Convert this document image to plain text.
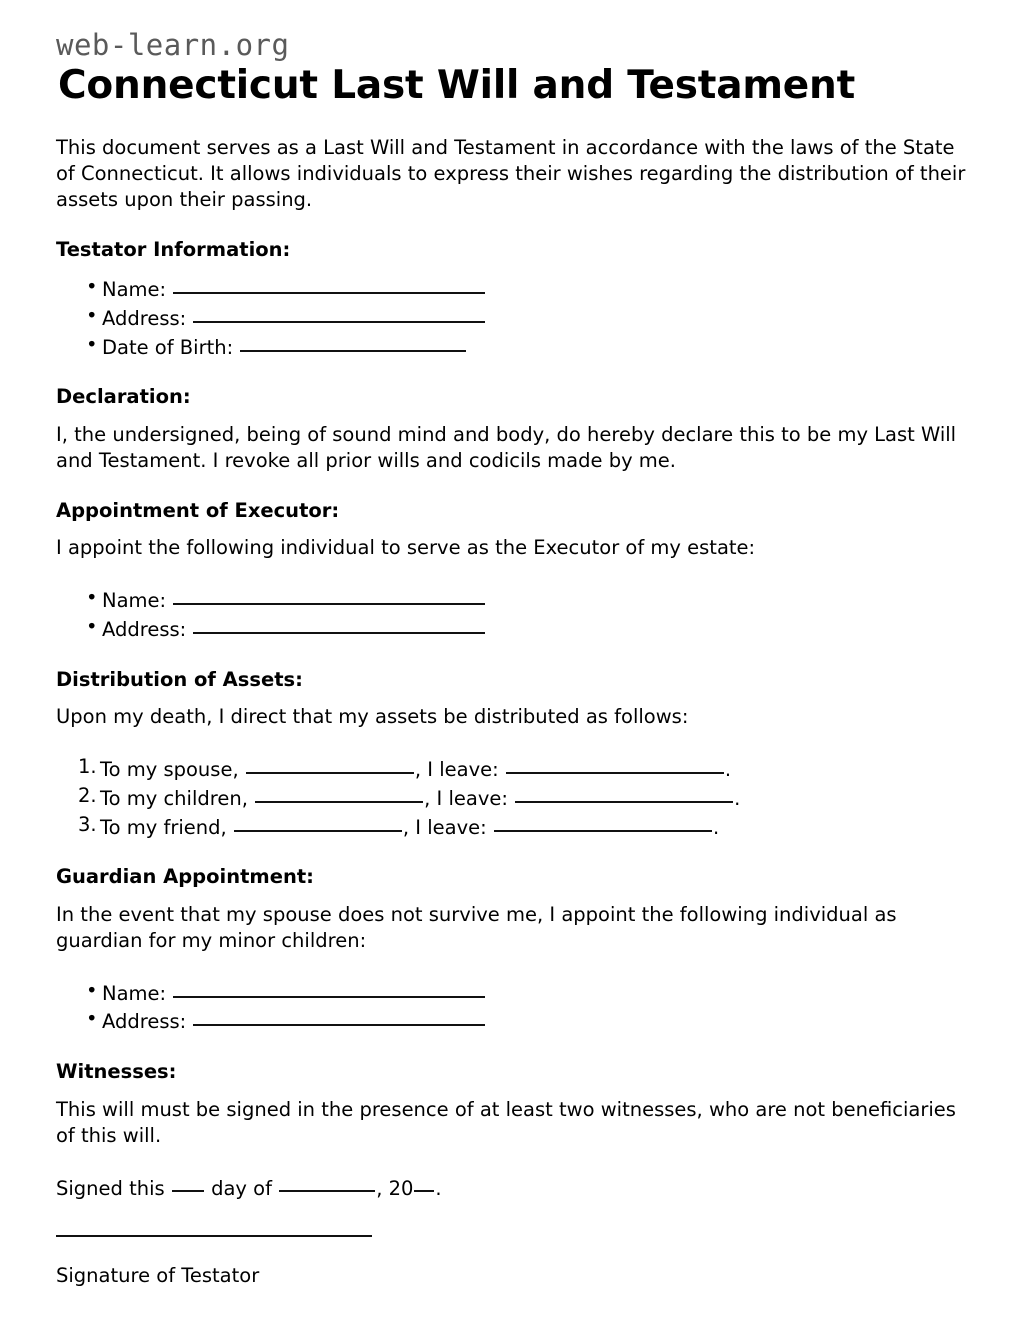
web-learn.org
Connecticut Last Will and Testament

This document serves as a Last Will and Testament in accordance with the laws of the State of Connecticut. It allows individuals to express their wishes regarding the distribution of their assets upon their passing.

Testator Information:
• Name:
• Address:
• Date of Birth:
Declaration:

I, the undersigned, being of sound mind and body, do hereby declare this to be my Last Will and Testament. I revoke all prior wills and codicils made by me.

Appointment of Executor:

I appoint the following individual to serve as the Executor of my estate:

• Name:
• Address:
Distribution of Assets:

Upon my death, I direct that my assets be distributed as follows:

To my spouse,	, I leave:	.
To my children,	, I leave:	.
To my friend,	, I leave:	.
Guardian Appointment:

In the event that my spouse does not survive me, I appoint the following individual as guardian for my minor children:

• Name:
• Address:
Witnesses:

This will must be signed in the presence of at least two witnesses, who are not beneficiaries of this will.

Signed this day of	, 20 .

Signature of Testator
